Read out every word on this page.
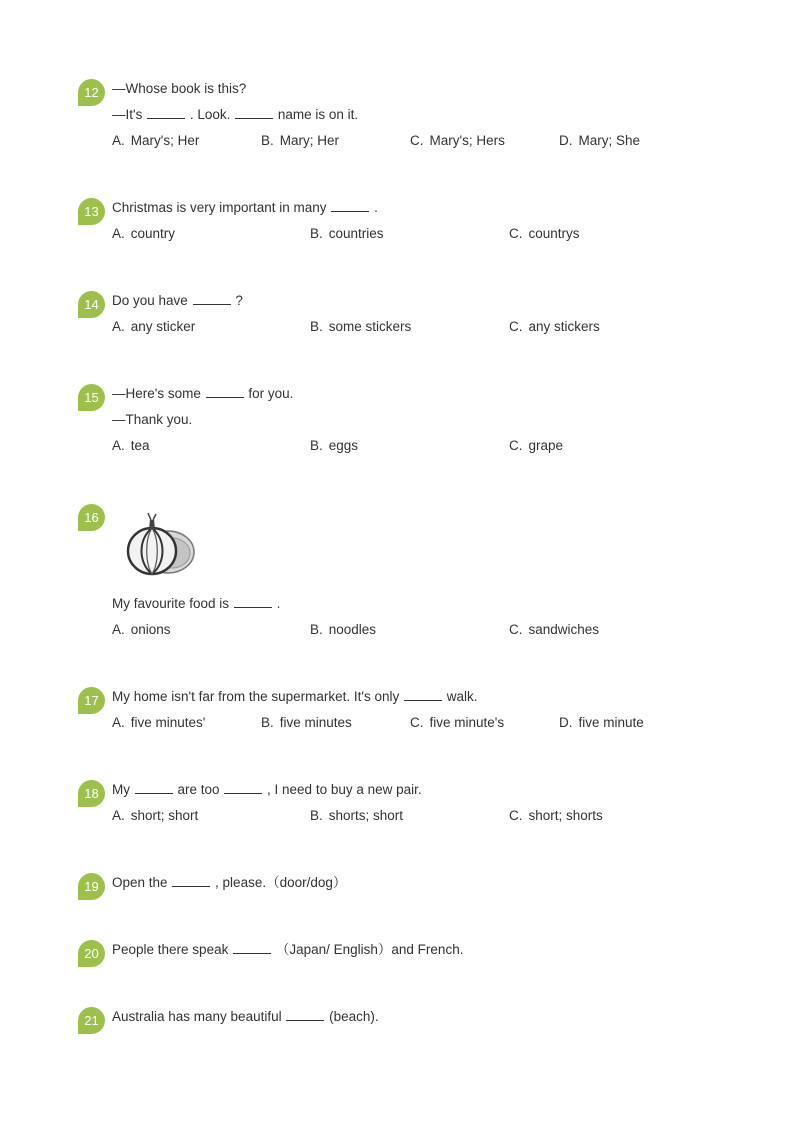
12 —Whose book is this?
—It's	. Look.	name is on it.
A. Mary's; Her	B. Mary; Her	C. Mary's; Hers	D. Mary; She
13 Christmas is very important in many	.
A. country	B. countries	C. countrys
14 Do you have	?
A. any sticker	B. some stickers	C. any stickers
15 —Here's some	for you.
—Thank you.
A. tea	B. eggs	C. grape
16
My favourite food is	.
A. onions	B. noodles	C. sandwiches
17 My home isn't far from the supermarket. It's only	walk.
A. five minutes'	B. five minutes	C. five minute's	D. five minute
18 My	are too	, I need to buy a new pair.
A. short; short	B. shorts; short	C. short; shorts
19 Open the	, please.（door/dog）
20 People there speak	（Japan/ English）and French.
21 Australia has many beautiful	(beach).
